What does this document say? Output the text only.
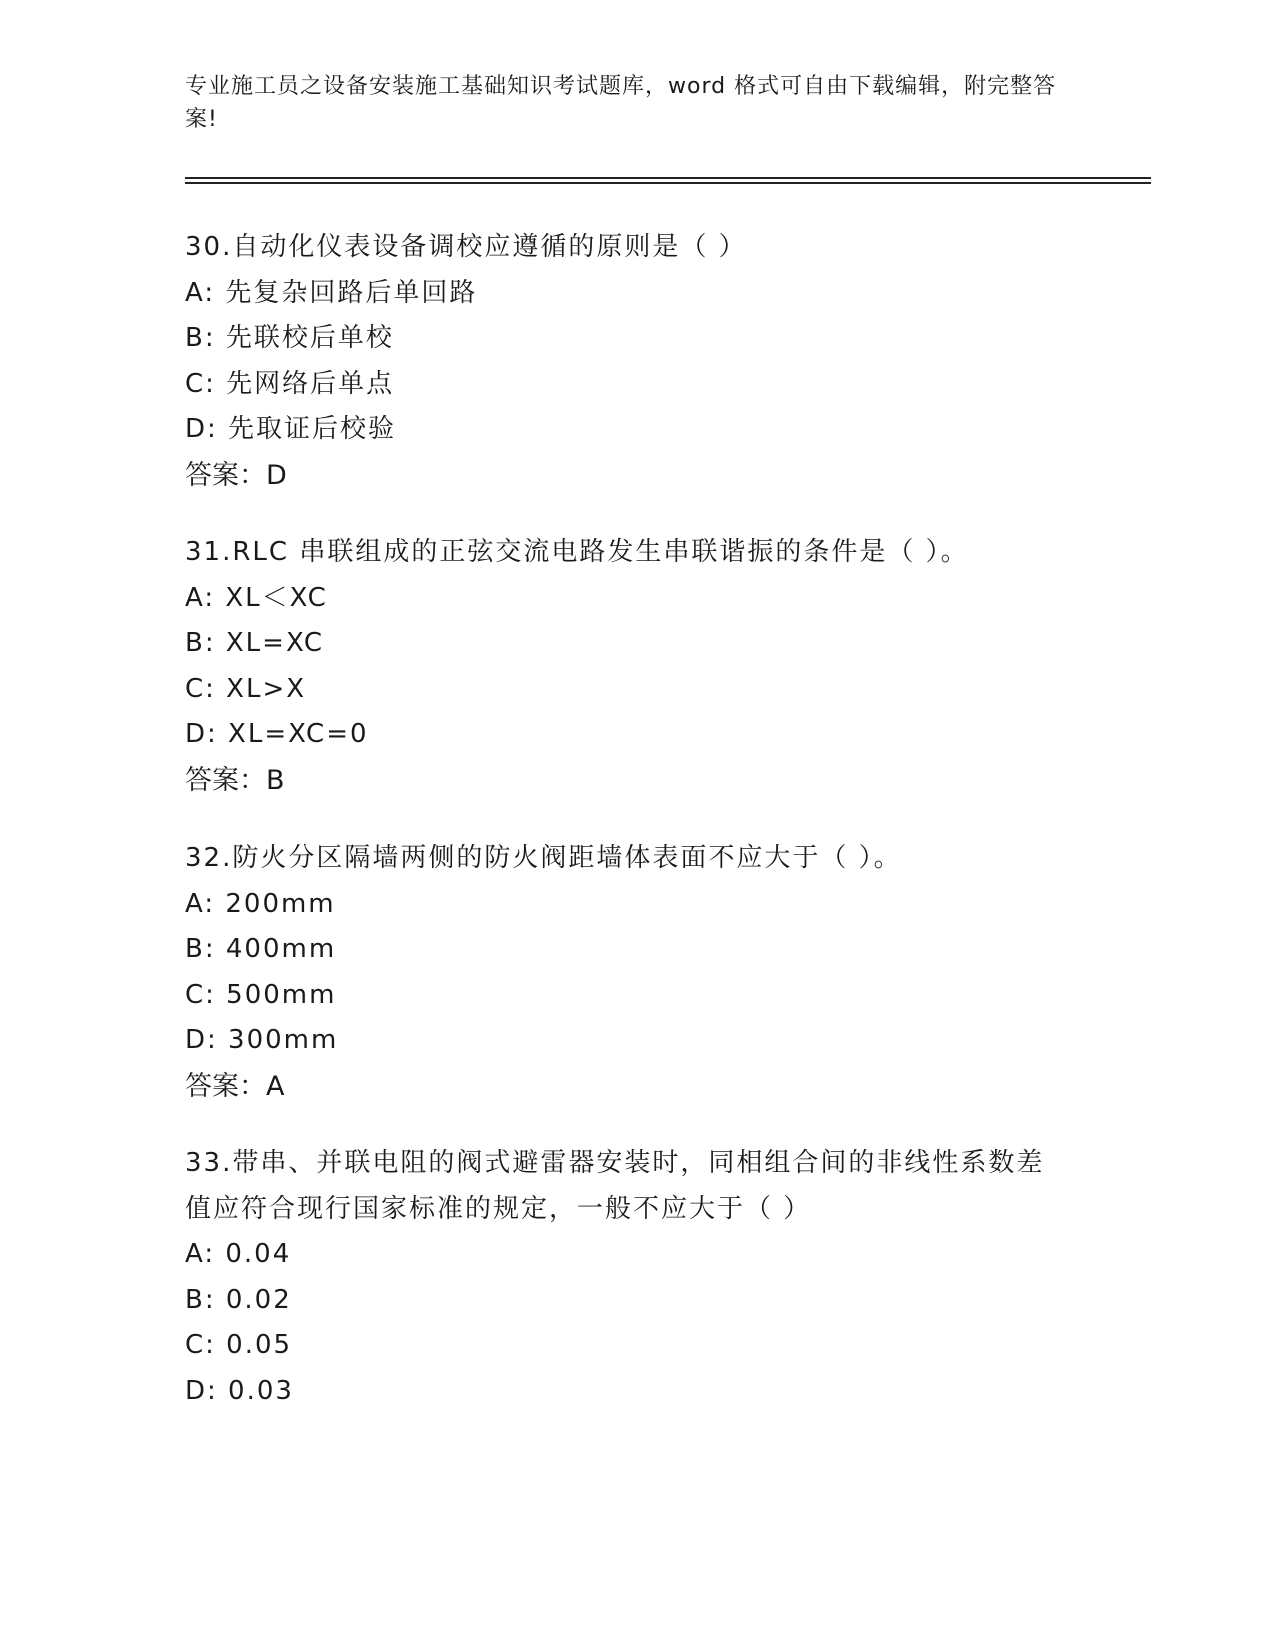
专业施工员之设备安装施工基础知识考试题库，word 格式可自由下载编辑，附完整答案!
30.自动化仪表设备调校应遵循的原则是（ ）
A: 先复杂回路后单回路
B: 先联校后单校
C: 先网络后单点
D: 先取证后校验
答案：D
31.RLC 串联组成的正弦交流电路发生串联谐振的条件是（ ）。
A: XL＜XC
B: XL=XC
C: XL>X
D: XL=XC=0
答案：B
32.防火分区隔墙两侧的防火阀距墙体表面不应大于（ ）。
A: 200mm
B: 400mm
C: 500mm
D: 300mm
答案：A
33.带串、并联电阻的阀式避雷器安装时，同相组合间的非线性系数差值应符合现行国家标准的规定，一般不应大于（ ）
A: 0.04
B: 0.02
C: 0.05
D: 0.03
